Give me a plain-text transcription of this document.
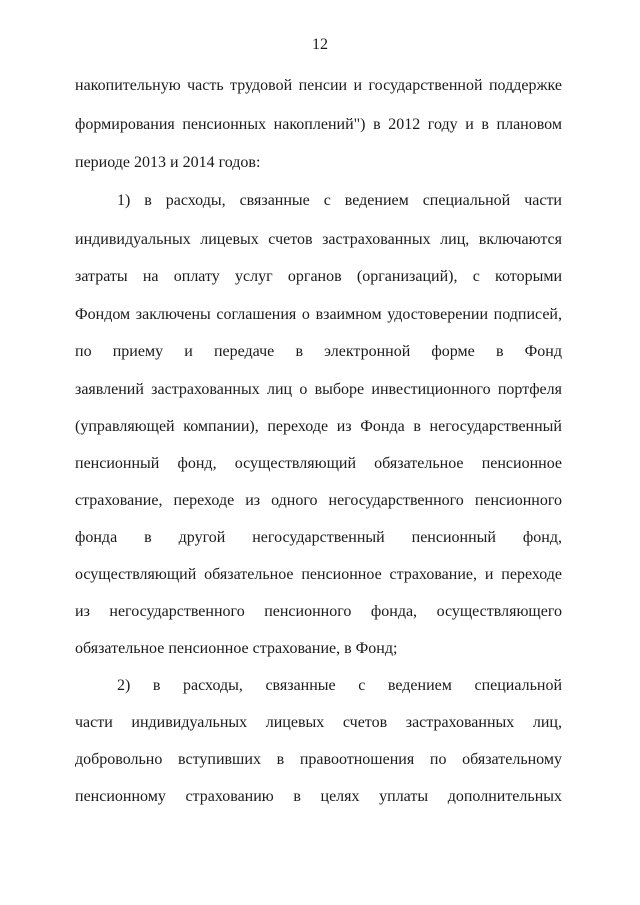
12
накопительную часть трудовой пенсии и государственной поддержке
формирования пенсионных накоплений") в 2012 году и в плановом
периоде 2013 и 2014 годов:
1) в расходы, связанные с ведением специальной части
индивидуальных лицевых счетов застрахованных лиц, включаются
затраты на оплату услуг органов (организаций), с которыми
Фондом заключены соглашения о взаимном удостоверении подписей,
по приему и передаче в электронной форме в Фонд
заявлений застрахованных лиц о выборе инвестиционного портфеля
(управляющей компании), переходе из Фонда в негосударственный
пенсионный фонд, осуществляющий обязательное пенсионное
страхование, переходе из одного негосударственного пенсионного
фонда в другой негосударственный пенсионный фонд,
осуществляющий обязательное пенсионное страхование, и переходе
из негосударственного пенсионного фонда, осуществляющего
обязательное пенсионное страхование, в Фонд;
2) в расходы, связанные с ведением специальной
части индивидуальных лицевых счетов застрахованных лиц,
добровольно вступивших в правоотношения по обязательному
пенсионному страхованию в целях уплаты дополнительных
